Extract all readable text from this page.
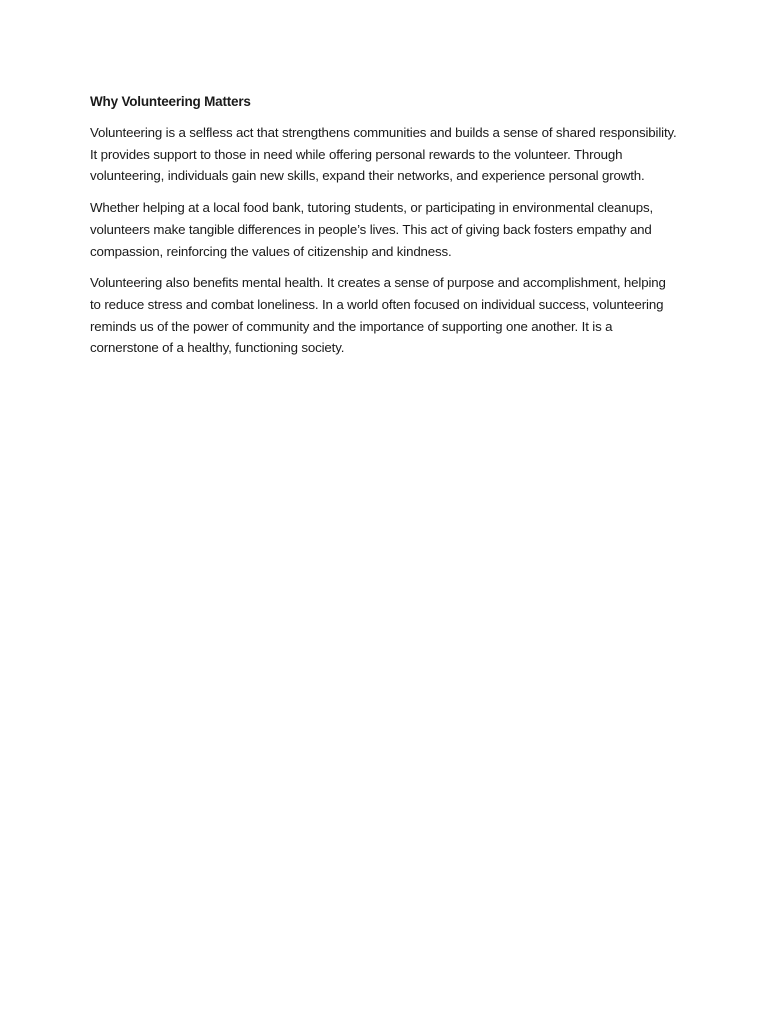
Why Volunteering Matters

Volunteering is a selfless act that strengthens communities and builds a sense of shared responsibility. It provides support to those in need while offering personal rewards to the volunteer. Through volunteering, individuals gain new skills, expand their networks, and experience personal growth.

Whether helping at a local food bank, tutoring students, or participating in environmental cleanups, volunteers make tangible differences in people’s lives. This act of giving back fosters empathy and compassion, reinforcing the values of citizenship and kindness.

Volunteering also benefits mental health. It creates a sense of purpose and accomplishment, helping to reduce stress and combat loneliness. In a world often focused on individual success, volunteering reminds us of the power of community and the importance of supporting one another. It is a cornerstone of a healthy, functioning society.
